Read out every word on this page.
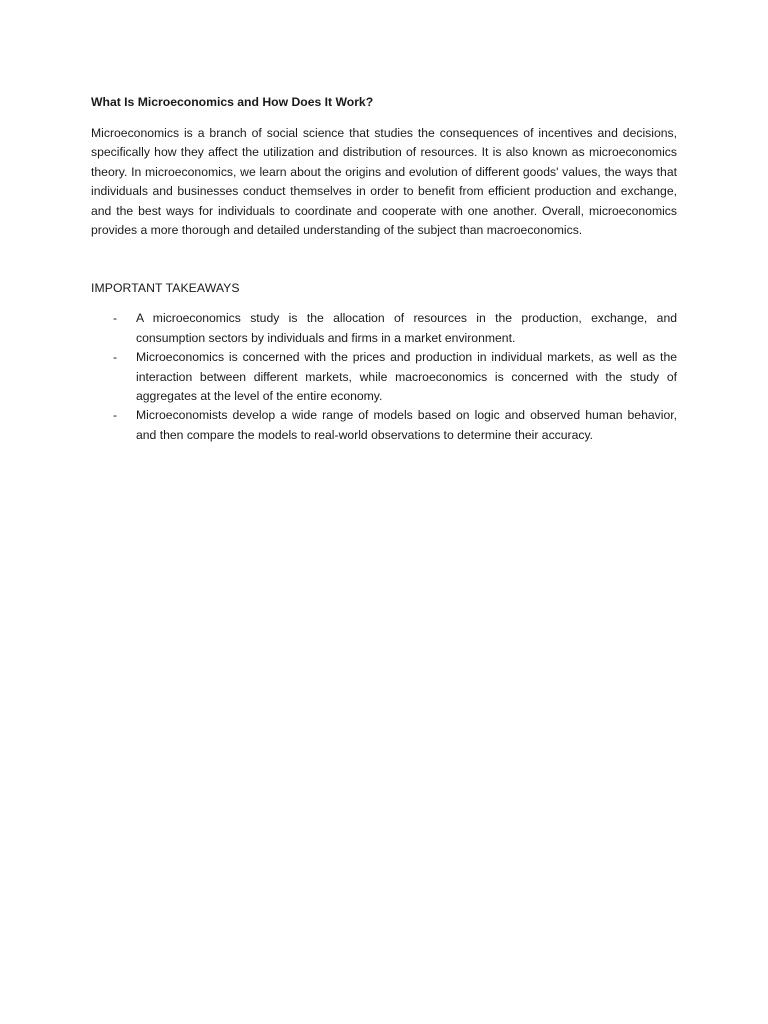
What Is Microeconomics and How Does It Work?

Microeconomics is a branch of social science that studies the consequences of incentives and decisions, specifically how they affect the utilization and distribution of resources. It is also known as microeconomics theory. In microeconomics, we learn about the origins and evolution of different goods' values, the ways that individuals and businesses conduct themselves in order to benefit from efficient production and exchange, and the best ways for individuals to coordinate and cooperate with one another. Overall, microeconomics provides a more thorough and detailed understanding of the subject than macroeconomics.

IMPORTANT TAKEAWAYS

- A microeconomics study is the allocation of resources in the production, exchange, and consumption sectors by individuals and firms in a market environment.
- Microeconomics is concerned with the prices and production in individual markets, as well as the interaction between different markets, while macroeconomics is concerned with the study of aggregates at the level of the entire economy.
- Microeconomists develop a wide range of models based on logic and observed human behavior, and then compare the models to real-world observations to determine their accuracy.
